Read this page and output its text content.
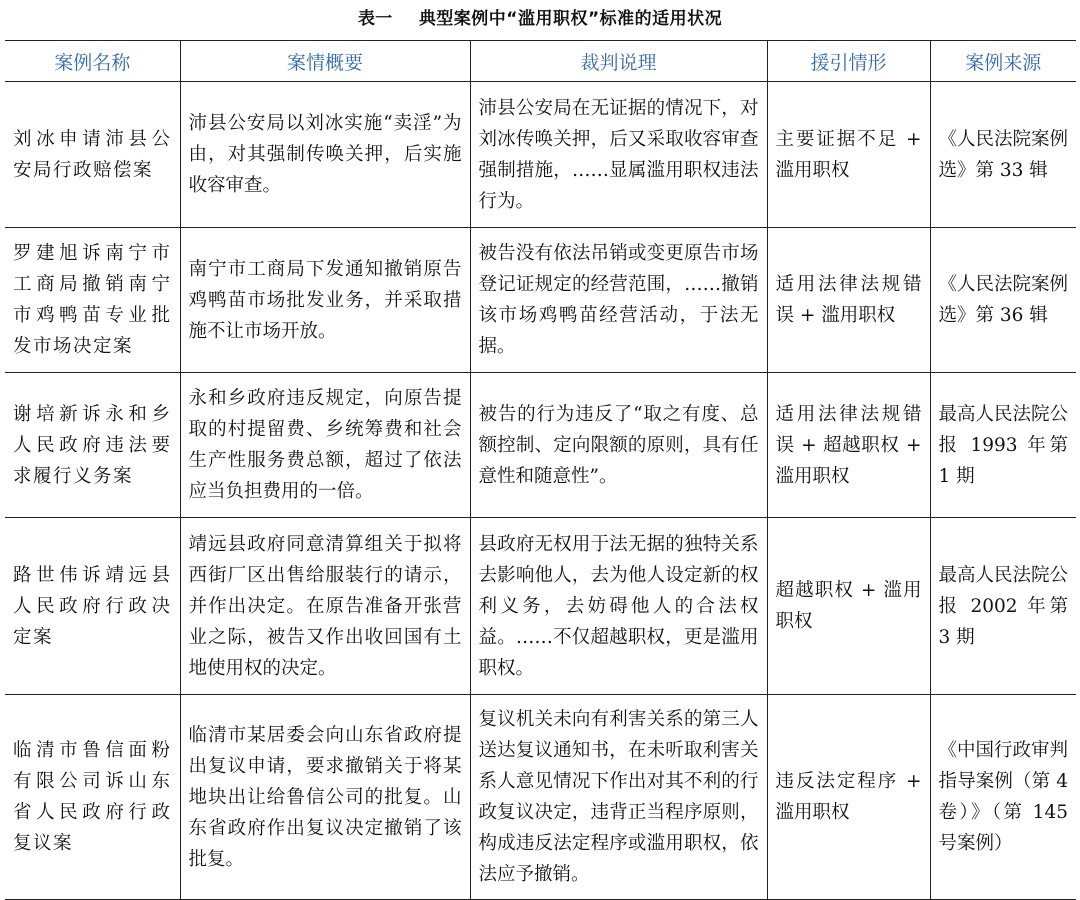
表一 典型案例中“滥用职权”标准的适用状况
案例名称	案情概要	裁判说理	援引情形	案例来源
刘冰申请沛县公安局行政赔偿案	沛县公安局以刘冰实施“卖淫”为由，对其强制传唤关押，后实施收容审查。	沛县公安局在无证据的情况下，对刘冰传唤关押，后又采取收容审查强制措施，……显属滥用职权违法行为。	主要证据不足 + 滥用职权	《人民法院案例选》第 33 辑
罗建旭诉南宁市工商局撤销南宁市鸡鸭苗专业批发市场决定案	南宁市工商局下发通知撤销原告鸡鸭苗市场批发业务，并采取措施不让市场开放。	被告没有依法吊销或变更原告市场登记证规定的经营范围，……撤销该市场鸡鸭苗经营活动，于法无据。	适用法律法规错误 + 滥用职权	《人民法院案例选》第 36 辑
谢培新诉永和乡人民政府违法要求履行义务案	永和乡政府违反规定，向原告提取的村提留费、乡统筹费和社会生产性服务费总额，超过了依法应当负担费用的一倍。	被告的行为违反了“取之有度、总额控制、定向限额的原则，具有任意性和随意性”。	适用法律法规错误 + 超越职权 + 滥用职权	最高人民法院公报 1993 年第 1 期
路世伟诉靖远县人民政府行政决定案	靖远县政府同意清算组关于拟将西街厂区出售给服装行的请示，并作出决定。在原告准备开张营业之际，被告又作出收回国有土地使用权的决定。	县政府无权用于法无据的独特关系去影响他人，去为他人设定新的权利义务，去妨碍他人的合法权益。……不仅超越职权，更是滥用职权。	超越职权 + 滥用职权	最高人民法院公报 2002 年第 3 期
临清市鲁信面粉有限公司诉山东省人民政府行政复议案	临清市某居委会向山东省政府提出复议申请，要求撤销关于将某地块出让给鲁信公司的批复。山东省政府作出复议决定撤销了该批复。	复议机关未向有利害关系的第三人送达复议通知书，在未听取利害关系人意见情况下作出对其不利的行政复议决定，违背正当程序原则，构成违反法定程序或滥用职权，依法应予撤销。	违反法定程序 + 滥用职权	《中国行政审判指导案例（第 4 卷）》（第 145 号案例）
